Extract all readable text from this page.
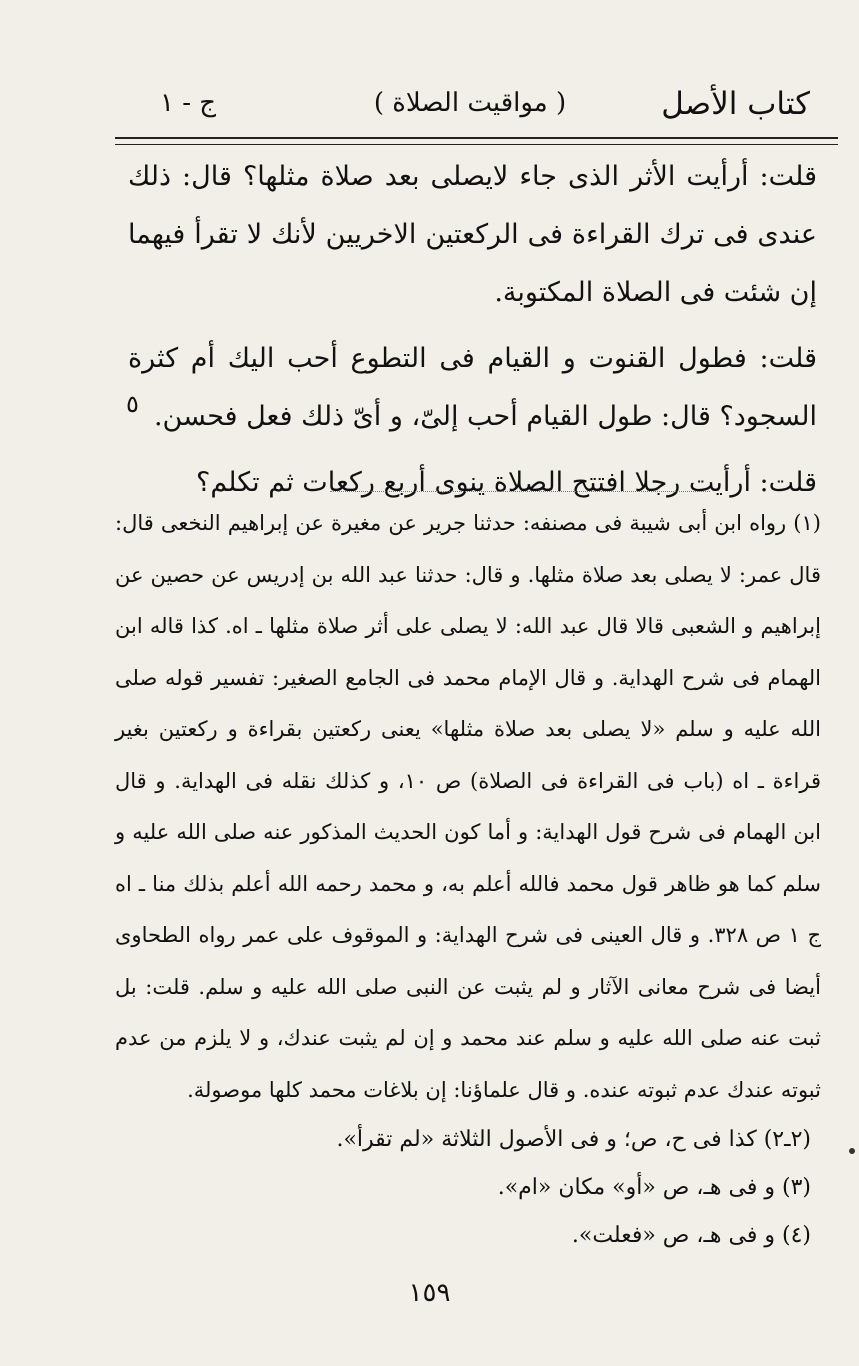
كتاب الأصل
( مواقيت الصلاة )
ج - ١

قلت: أرأيت الأثر الذى جاء لايصلى بعد صلاة مثلها؟ قال: ذلك عندى فى ترك القراءة فى الركعتين الاخريين لأنك لا تقرأ فيهما إن شئت فى الصلاة المكتوبة.

قلت: فطول القنوت و القيام فى التطوع أحب اليك أم كثرة السجود؟ قال: طول القيام أحب إلىّ، و أىّ ذلك فعل فحسن.

قلت: أرأيت رجلا افتتح الصلاة ينوى أربع ركعات ثم تكلم؟

٥

(١) رواه ابن أبى شيبة فى مصنفه: حدثنا جرير عن مغيرة عن إبراهيم النخعى قال: قال عمر: لا يصلى بعد صلاة مثلها. و قال: حدثنا عبد الله بن إدريس عن حصين عن إبراهيم و الشعبى قالا قال عبد الله: لا يصلى على أثر صلاة مثلها ـ اه. كذا قاله ابن الهمام فى شرح الهداية. و قال الإمام محمد فى الجامع الصغير: تفسير قوله صلى الله عليه و سلم «لا يصلى بعد صلاة مثلها» يعنى ركعتين بقراءة و ركعتين بغير قراءة ـ اه (باب فى القراءة فى الصلاة) ص ١٠، و كذلك نقله فى الهداية. و قال ابن الهمام فى شرح قول الهداية: و أما كون الحديث المذكور عنه صلى الله عليه و سلم كما هو ظاهر قول محمد فالله أعلم به، و محمد رحمه الله أعلم بذلك منا ـ اه ج ١ ص ٣٢٨. و قال العينى فى شرح الهداية: و الموقوف على عمر رواه الطحاوى أيضا فى شرح معانى الآثار و لم يثبت عن النبى صلى الله عليه و سلم. قلت: بل ثبت عنه صلى الله عليه و سلم عند محمد و إن لم يثبت عندك، و لا يلزم من عدم ثبوته عندك عدم ثبوته عنده. و قال علماؤنا: إن بلاغات محمد كلها موصولة.

(٢ـ٢) كذا فى ح، ص؛ و فى الأصول الثلاثة «لم تقرأ».

(٣) و فى هـ، ص «أو» مكان «ام».

(٤) و فى هـ، ص «فعلت».

١٥٩
